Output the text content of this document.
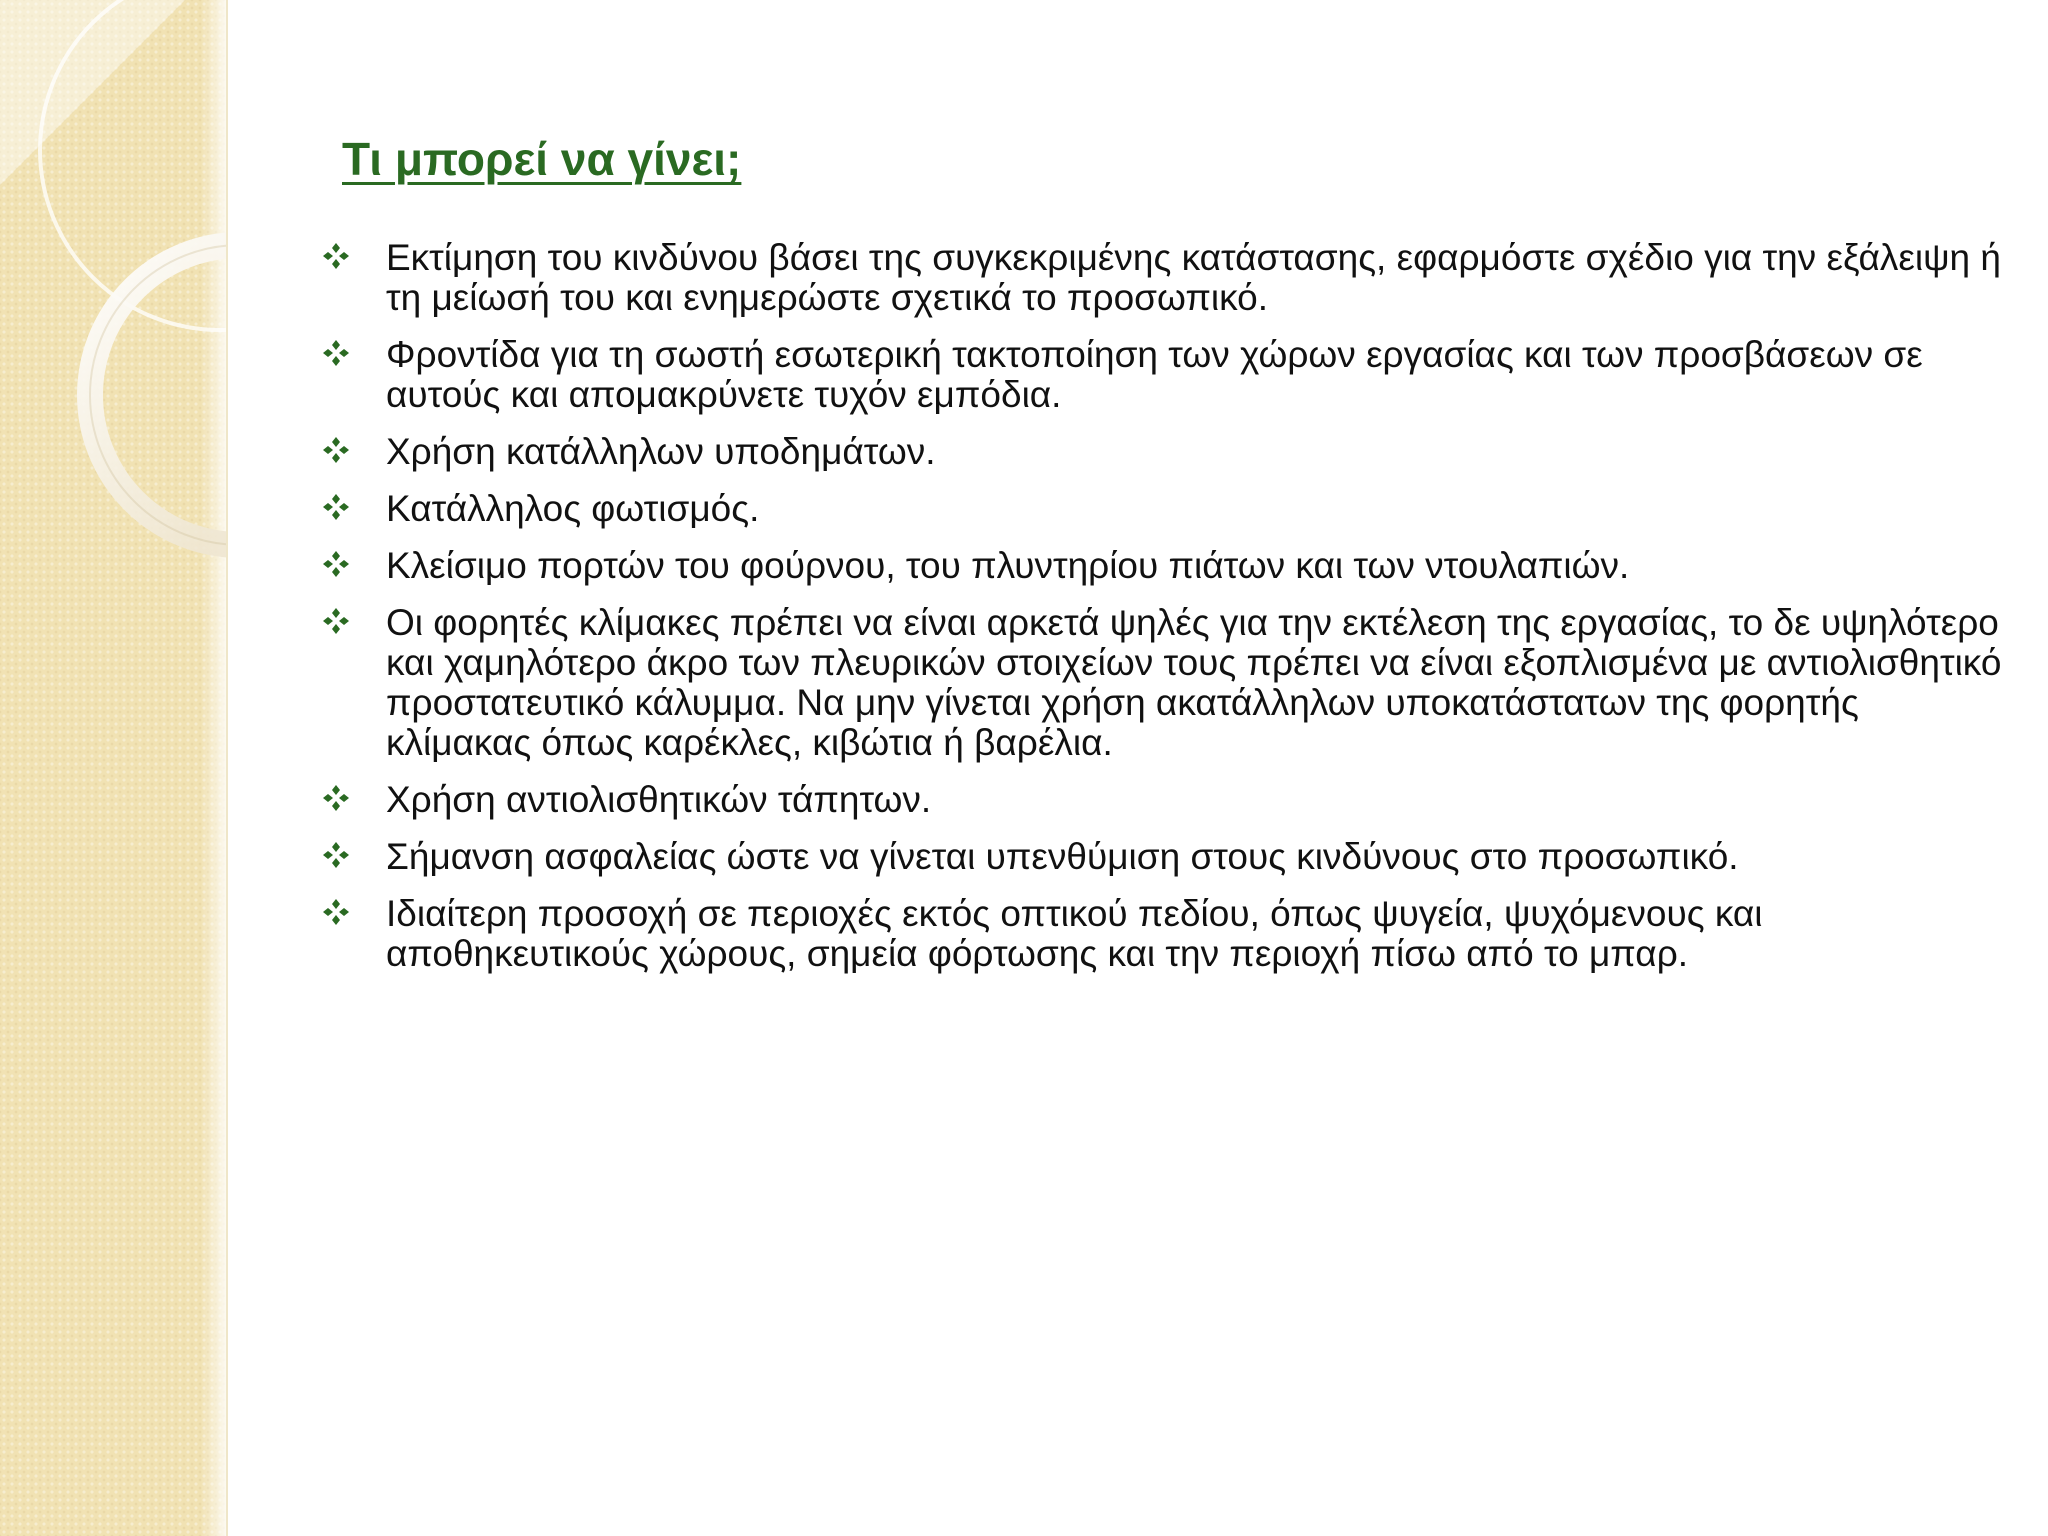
Τι μπορεί να γίνει;
Εκτίμηση του κινδύνου βάσει της συγκεκριμένης κατάστασης, εφαρμόστε σχέδιο για την εξάλειψη ή τη μείωσή του και ενημερώστε σχετικά το προσωπικό.
Φροντίδα για τη σωστή εσωτερική τακτοποίηση των χώρων εργασίας και των προσβάσεων σε αυτούς και απομακρύνετε τυχόν εμπόδια.
Χρήση κατάλληλων υποδημάτων.
Κατάλληλος φωτισμός.
Κλείσιμο πορτών του φούρνου, του πλυντηρίου πιάτων και των ντουλαπιών.
Οι φορητές κλίμακες πρέπει να είναι αρκετά ψηλές για την εκτέλεση της εργασίας, το δε υψηλότερο και χαμηλότερο άκρο των πλευρικών στοιχείων τους πρέπει να είναι εξοπλισμένα με αντιολισθητικό προστατευτικό κάλυμμα. Να μην γίνεται χρήση ακατάλληλων υποκατάστατων της φορητής κλίμακας όπως καρέκλες, κιβώτια ή βαρέλια.
Χρήση αντιολισθητικών τάπητων.
Σήμανση ασφαλείας ώστε να γίνεται υπενθύμιση στους κινδύνους στο προσωπικό.
Ιδιαίτερη προσοχή σε περιοχές εκτός οπτικού πεδίου, όπως ψυγεία, ψυχόμενους και αποθηκευτικούς χώρους, σημεία φόρτωσης και την περιοχή πίσω από το μπαρ.
